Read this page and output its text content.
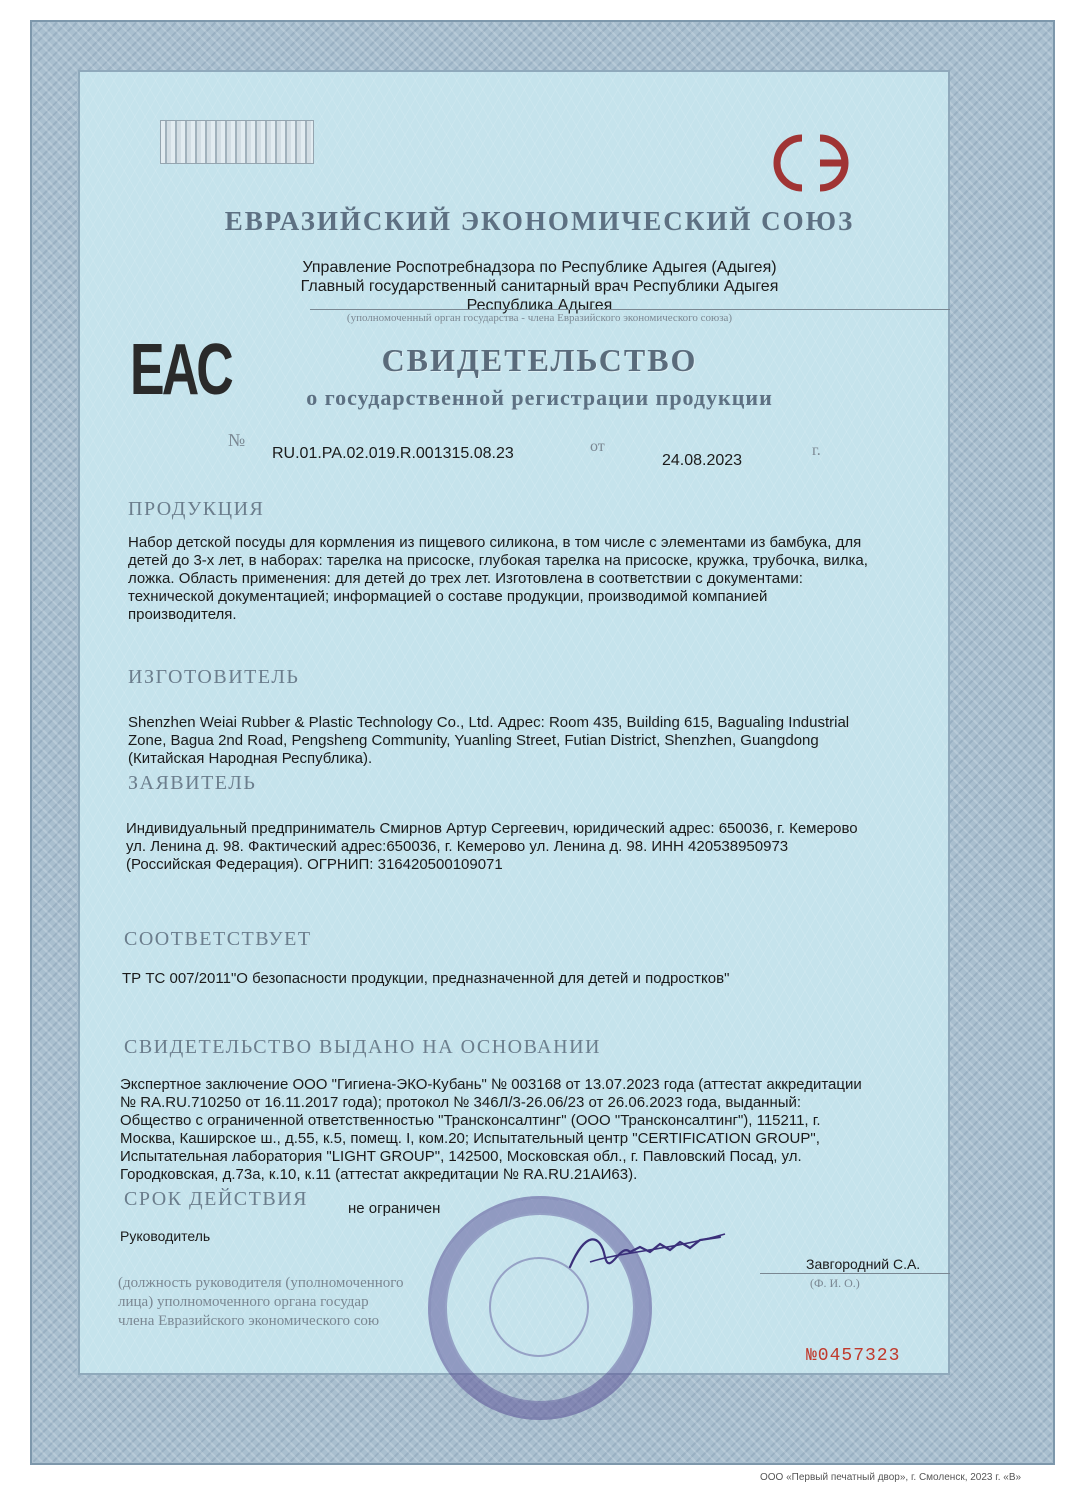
ЕВРАЗИЙСКИЙ ЭКОНОМИЧЕСКИЙ СОЮЗ
Управление Роспотребнадзора по Республике Адыгея (Адыгея)
Главный государственный санитарный врач Республики Адыгея
Республика Адыгея
(уполномоченный орган государства - члена Евразийского экономического союза)
EAC	СВИДЕТЕЛЬСТВО
о государственной регистрации продукции
№
RU.01.РА.02.019.R.001315.08.23	от
24.08.2023
г.
ПРОДУКЦИЯ
Набор детской посуды для кормления из пищевого силикона, в том числе с элементами из бамбука, для
детей до 3-х лет, в наборах: тарелка на присоске, глубокая тарелка на присоске, кружка, трубочка, вилка,
ложка. Область применения: для детей до трех лет. Изготовлена в соответствии с документами:
технической документацией; информацией о составе продукции, производимой компанией
производителя.
ИЗГОТОВИТЕЛЬ
Shenzhen Weiai Rubber & Plastic Technology Co., Ltd. Адрес: Room 435, Building 615, Bagualing Industrial
Zone, Bagua 2nd Road, Pengsheng Community, Yuanling Street, Futian District, Shenzhen, Guangdong
(Китайская Народная Республика).
ЗАЯВИТЕЛЬ
Индивидуальный предприниматель Смирнов Артур Сергеевич, юридический адрес: 650036, г. Кемерово
ул. Ленина д. 98. Фактический адрес:650036, г. Кемерово ул. Ленина д. 98. ИНН 420538950973
(Российская Федерация). ОГРНИП: 316420500109071
СООТВЕТСТВУЕТ
ТР ТС 007/2011"О безопасности продукции, предназначенной для детей и подростков"
СВИДЕТЕЛЬСТВО ВЫДАНО НА ОСНОВАНИИ
Экспертное заключение ООО "Гигиена-ЭКО-Кубань" № 003168 от 13.07.2023 года (аттестат аккредитации
№ RA.RU.710250 от 16.11.2017 года); протокол № 346Л/3-26.06/23 от 26.06.2023 года, выданный:
Общество с ограниченной ответственностью "Трансконсалтинг" (ООО "Трансконсалтинг"), 115211, г.
Москва, Каширское ш., д.55, к.5, помещ. I, ком.20; Испытательный центр "CERTIFICATION GROUP",
Испытательная лаборатория "LIGHT GROUP", 142500, Московская обл., г. Павловский Посад, ул.
Городковская, д.73а, к.10, к.11 (аттестат аккредитации № RA.RU.21АИ63).
СРОК ДЕЙСТВИЯ	не ограничен
Руководитель
Завгородний С.А.
(Ф. И. О.)
(должность руководителя (уполномоченного
лица) уполномоченного органа государ
члена Евразийского экономического сою
№0457323
ООО «Первый печатный двор», г. Смоленск, 2023 г. «В»
